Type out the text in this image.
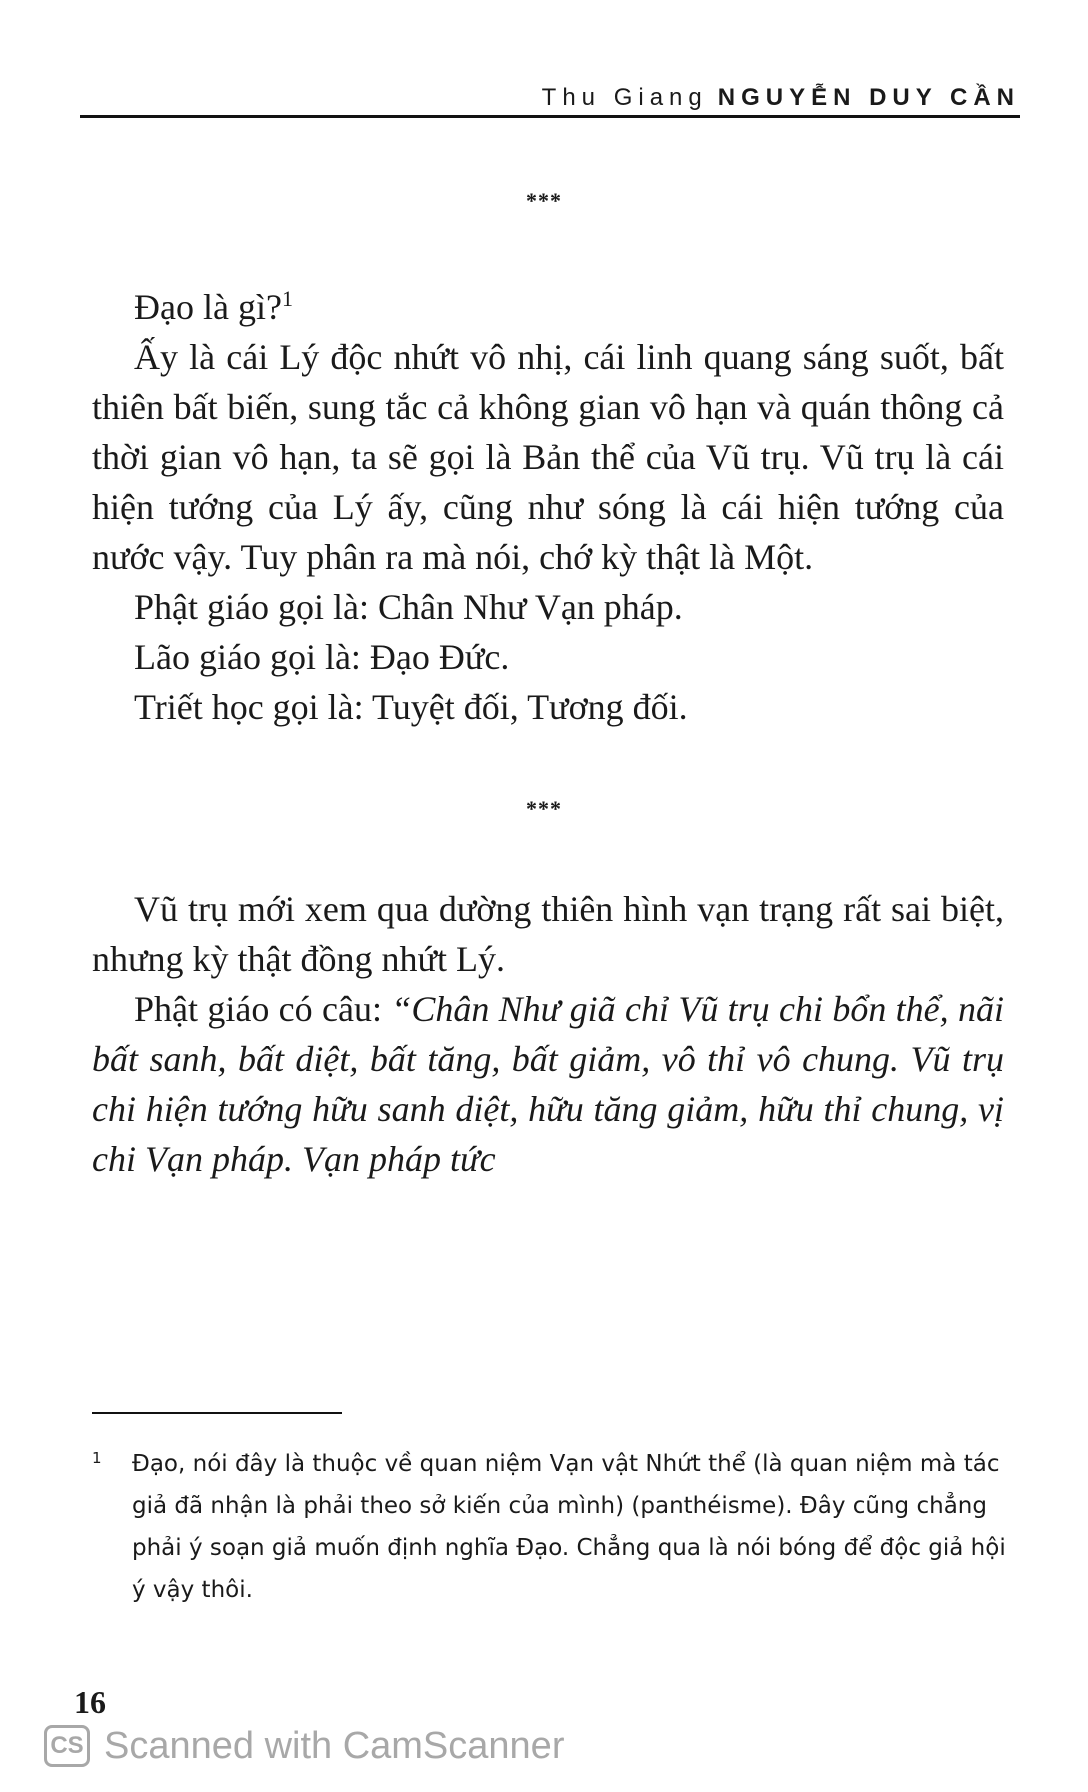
Thu Giang NGUYỄN DUY CẦN
***

Đạo là gì?$^1$

Ấy là cái Lý độc nhứt vô nhị, cái linh quang sáng suốt, bất thiên bất biến, sung tắc cả không gian vô hạn và quán thông cả thời gian vô hạn, ta sẽ gọi là Bản thể của Vũ trụ. Vũ trụ là cái hiện tướng của Lý ấy, cũng như sóng là cái hiện tướng của nước vậy. Tuy phân ra mà nói, chớ kỳ thật là Một.

Phật giáo gọi là: Chân Như Vạn pháp.

Lão giáo gọi là: Đạo Đức.

Triết học gọi là: Tuyệt đối, Tương đối.

***

Vũ trụ mới xem qua dường thiên hình vạn trạng rất sai biệt, nhưng kỳ thật đồng nhứt Lý.

Phật giáo có câu: “Chân Như giã chỉ Vũ trụ chi bổn thể, nãi bất sanh, bất diệt, bất tăng, bất giảm, vô thỉ vô chung. Vũ trụ chi hiện tướng hữu sanh diệt, hữu tăng giảm, hữu thỉ chung, vị chi Vạn pháp. Vạn pháp tức

1 Đạo, nói đây là thuộc về quan niệm Vạn vật Nhứt thể (là quan niệm mà tác giả đã nhận là phải theo sở kiến của mình) (panthéisme). Đây cũng chẳng phải ý soạn giả muốn định nghĩa Đạo. Chẳng qua là nói bóng để độc giả hội ý vậy thôi.
16
CS Scanned with CamScanner
